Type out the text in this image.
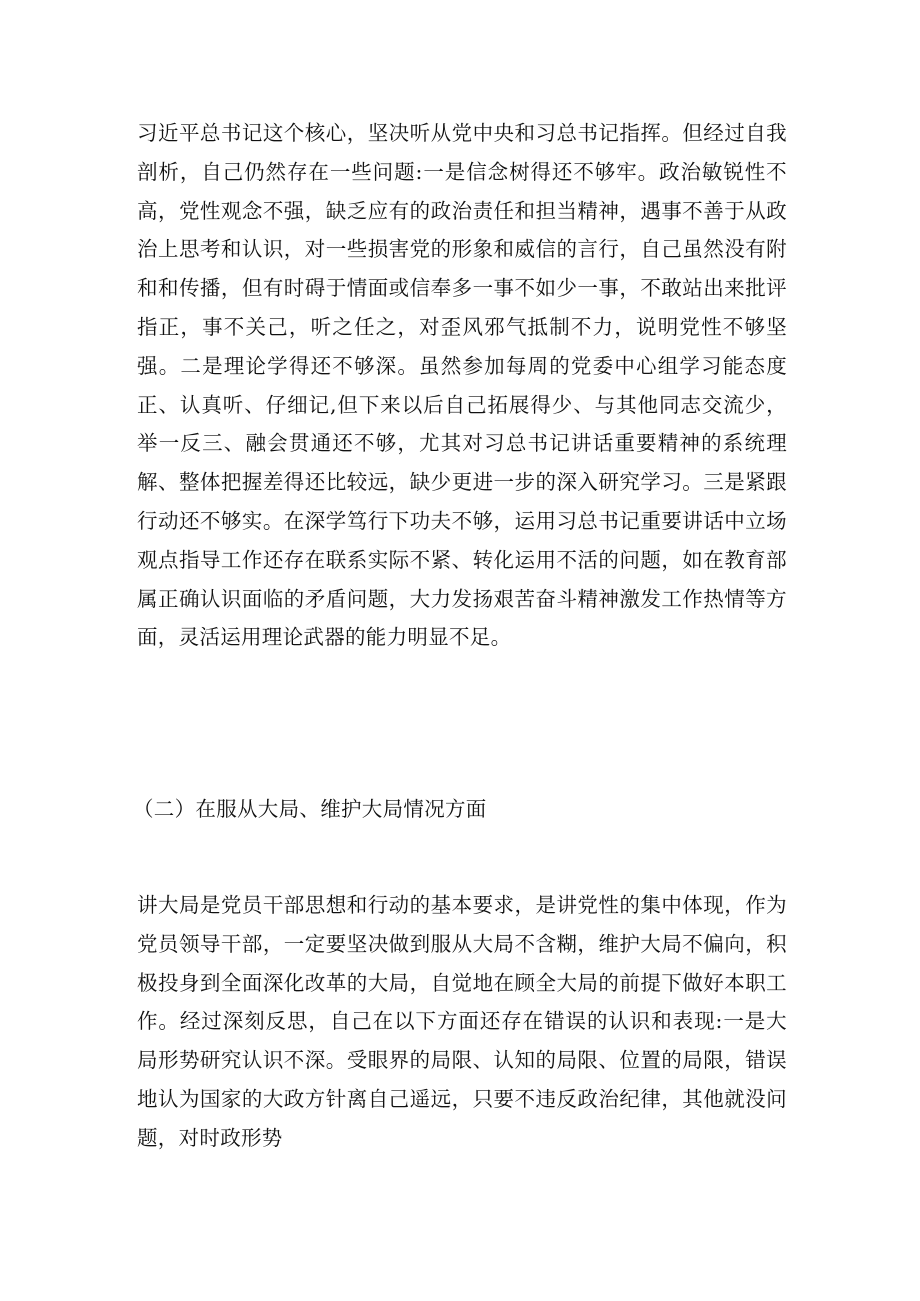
习近平总书记这个核心，坚决听从党中央和习总书记指挥。但经过自我剖析，自己仍然存在一些问题:一是信念树得还不够牢。政治敏锐性不高，党性观念不强，缺乏应有的政治责任和担当精神，遇事不善于从政治上思考和认识，对一些损害党的形象和威信的言行，自己虽然没有附和和传播，但有时碍于情面或信奉多一事不如少一事，不敢站出来批评指正，事不关己，听之任之，对歪风邪气抵制不力，说明党性不够坚强。二是理论学得还不够深。虽然参加每周的党委中心组学习能态度正、认真听、仔细记,但下来以后自己拓展得少、与其他同志交流少，举一反三、融会贯通还不够，尤其对习总书记讲话重要精神的系统理解、整体把握差得还比较远，缺少更进一步的深入研究学习。三是紧跟行动还不够实。在深学笃行下功夫不够，运用习总书记重要讲话中立场观点指导工作还存在联系实际不紧、转化运用不活的问题，如在教育部属正确认识面临的矛盾问题，大力发扬艰苦奋斗精神激发工作热情等方面，灵活运用理论武器的能力明显不足。

（二）在服从大局、维护大局情况方面

讲大局是党员干部思想和行动的基本要求，是讲党性的集中体现，作为党员领导干部，一定要坚决做到服从大局不含糊，维护大局不偏向，积极投身到全面深化改革的大局，自觉地在顾全大局的前提下做好本职工作。经过深刻反思，自己在以下方面还存在错误的认识和表现:一是大局形势研究认识不深。受眼界的局限、认知的局限、位置的局限，错误地认为国家的大政方针离自己遥远，只要不违反政治纪律，其他就没问题，对时政形势
